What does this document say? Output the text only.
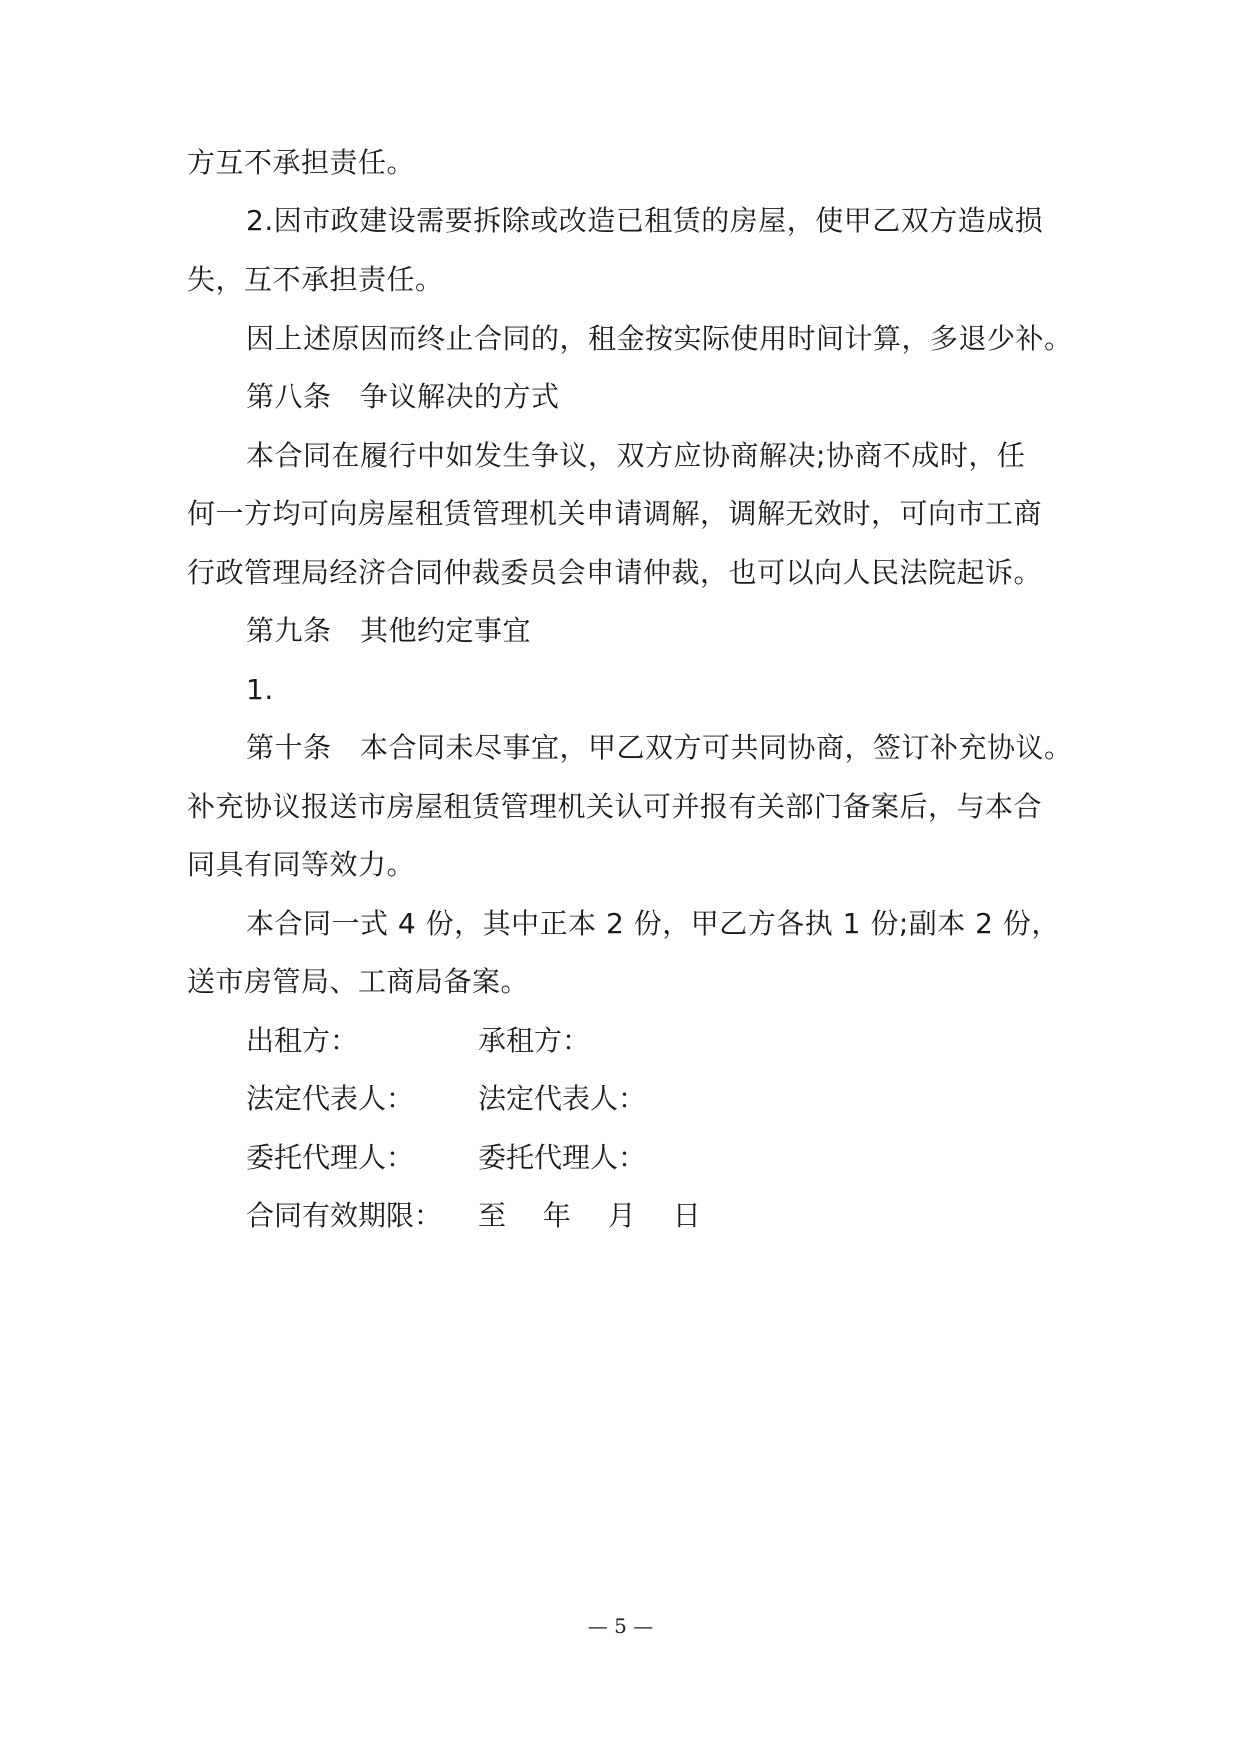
方互不承担责任。
2.因市政建设需要拆除或改造已租赁的房屋，使甲乙双方造成损
失，互不承担责任。
因上述原因而终止合同的，租金按实际使用时间计算，多退少补。
第八条　争议解决的方式
本合同在履行中如发生争议，双方应协商解决;协商不成时，任
何一方均可向房屋租赁管理机关申请调解，调解无效时，可向市工商
行政管理局经济合同仲裁委员会申请仲裁，也可以向人民法院起诉。
第九条　其他约定事宜
1.
第十条　本合同未尽事宜，甲乙双方可共同协商，签订补充协议。
补充协议报送市房屋租赁管理机关认可并报有关部门备案后，与本合
同具有同等效力。
本合同一式 4 份，其中正本 2 份，甲乙方各执 1 份;副本 2 份，
送市房管局、工商局备案。
出租方：	承租方：
法定代表人： 法定代表人：
委托代理人： 委托代理人：
合同有效期限： 至　 年　 月　 日
— 5 —
